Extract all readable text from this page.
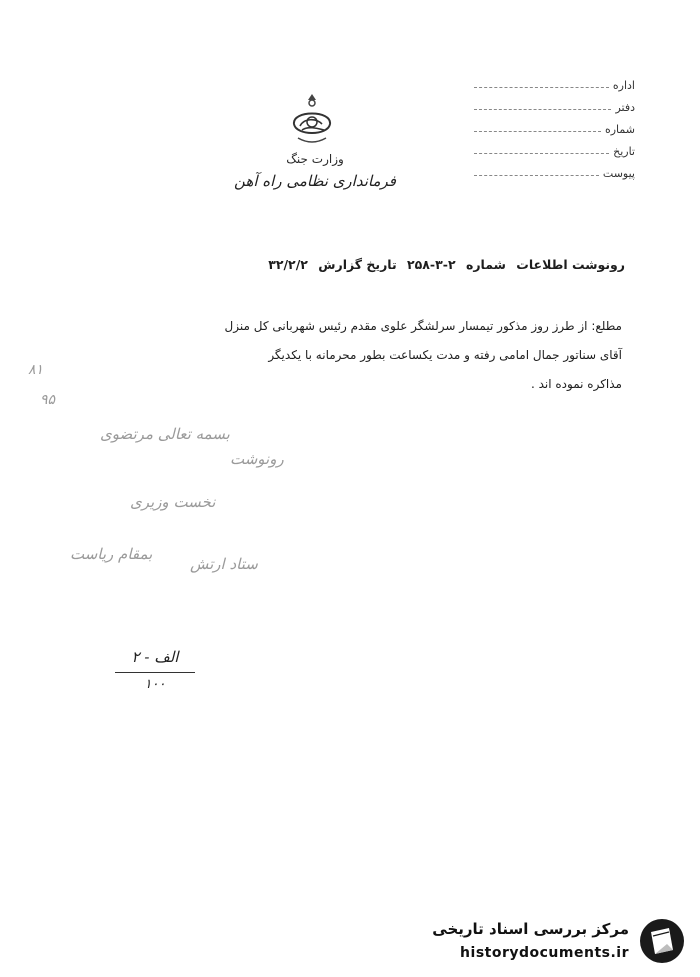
وزارت جنگ
فرمانداری نظامی راه آهن
اداره
دفتر
شماره
تاریخ
پیوست
رونوشت اطلاعات شماره ۲-۳-۲۵۸ تاریخ گزارش ۳۲/۲/۲

مطلع: از طرز روز مذکور تیمسار سرلشگر علوی مقدم رئیس شهربانی کل منزل

آقای سناتور جمال امامی رفته و مدت یکساعت بطور محرمانه با یکدیگر

مذاکره نموده اند .

۸۱
۹۵
بسمه تعالی مرتضوی
رونوشت
نخست وزیری
بمقام ریاست
ستاد ارتش
الف - ۲
۱۰۰
مرکز بررسی اسناد تاریخی
historydocuments.ir
